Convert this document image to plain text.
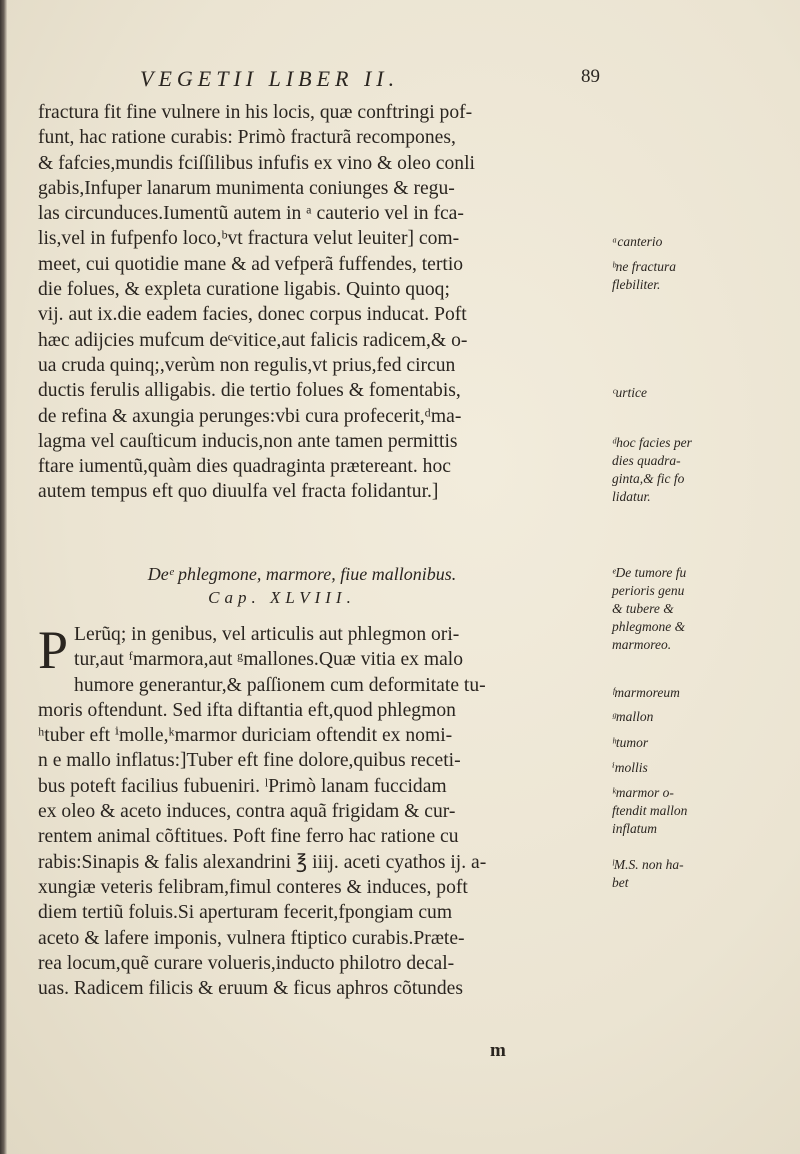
VEGETII LIBER II.	89
fractura fit fine vulnere in his locis, quæ conftringi pof-
funt, hac ratione curabis: Primò fracturã recompones,
& fafcies,mundis fciſſilibus infufis ex vino & oleo conli
gabis,Infuper lanarum munimenta coniunges & regu-
las circunduces.Iumentũ autem in ᵃ cauterio vel in fca-
lis,vel in fufpenfo loco,ᵇvt fractura velut leuiter] com-
meet, cui quotidie mane & ad vefperã fuffendes, tertio
die folues, & expleta curatione ligabis. Quinto quoq;
vij. aut ix.die eadem facies, donec corpus inducat. Poft
hæc adijcies mufcum deᶜvitice,aut falicis radicem,& o-
ua cruda quinq;,verùm non regulis,vt prius,fed circun
ductis ferulis alligabis. die tertio folues & fomentabis,
de refina & axungia perunges:vbi cura profecerit,ᵈma-
lagma vel cauſticum inducis,non ante tamen permittis
ftare iumentũ,quàm dies quadraginta prætereant. hoc
autem tempus eft quo diuulfa vel fracta folidantur.]
Deᵉ phlegmone, marmore, fiue mallonibus.
Cap. XLVIII.
P Lerũq; in genibus, vel articulis aut phlegmon ori-
tur,aut ᶠmarmora,aut ᵍmallones.Quæ vitia ex malo
humore generantur,& paſſionem cum deformitate tu-
moris oftendunt. Sed ifta diftantia eft,quod phlegmon
ʰtuber eft ⁱmolle,ᵏmarmor duriciam oftendit ex nomi-
n e mallo inflatus:]Tuber eft fine dolore,quibus receti-
bus poteft facilius fubueniri. ˡPrimò lanam fuccidam
ex oleo & aceto induces, contra aquã frigidam & cur-
rentem animal cõftitues. Poft fine ferro hac ratione cu
rabis:Sinapis & falis alexandrini ℥ iiij. aceti cyathos ij. a-
xungiæ veteris felibram,fimul conteres & induces, poft
diem tertiũ foluis.Si aperturam fecerit,fpongiam cum
aceto & lafere imponis, vulnera ftiptico curabis.Præte-
rea locum,quẽ curare volueris,inducto philotro decal-
uas. Radicem filicis & eruum & ficus aphros cõtundes
m
ᵃcanterio
ᵇne fractura
flebiliter.
ᶜurtice
ᵈhoc facies per
dies quadra-
ginta,& fic fo
lidatur.
ᵉDe tumore fu
perioris genu
& tubere &
phlegmone &
marmoreo.
ᶠmarmoreum
ᵍmallon
ʰtumor
ⁱmollis
ᵏmarmor o-
ftendit mallon
inflatum
ˡM.S. non ha-
bet
